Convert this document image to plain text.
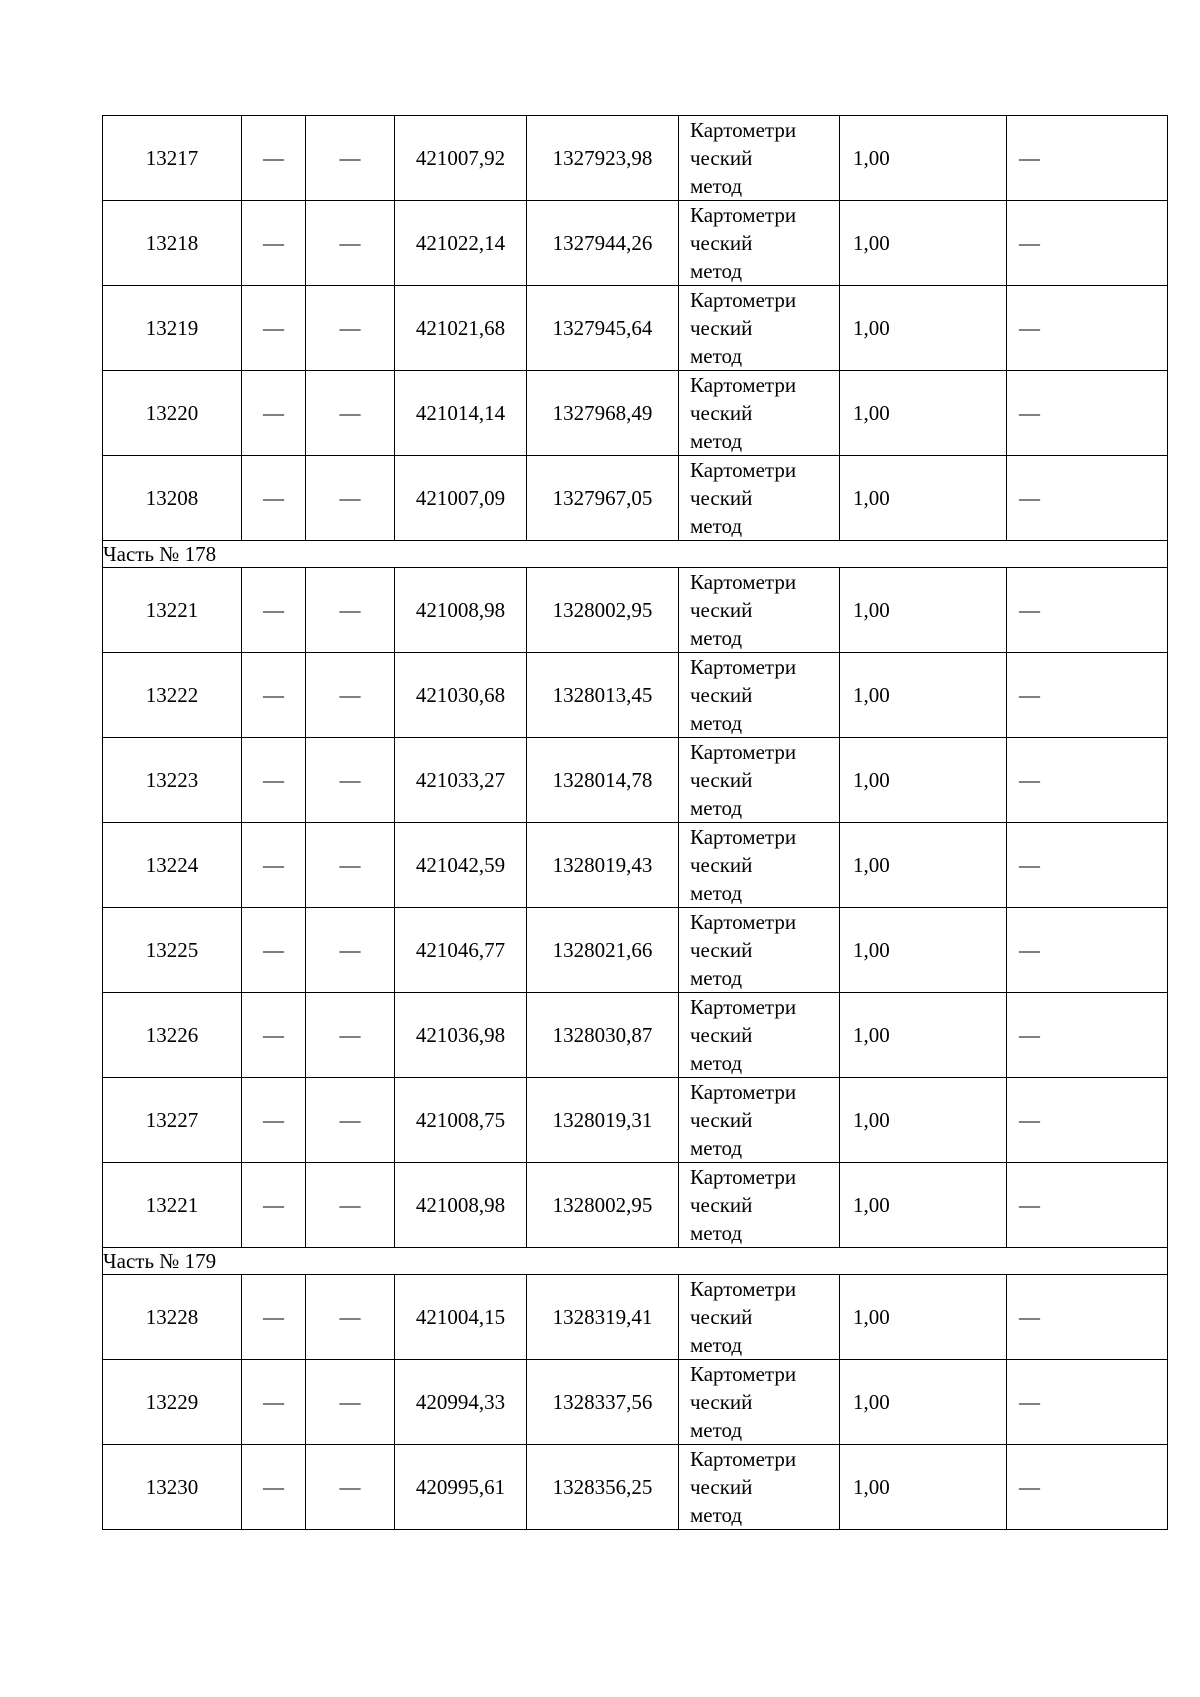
13217	—	—	421007,92	1327923,98	Картометри
ческий
метод	1,00	—
13218	—	—	421022,14	1327944,26	Картометри
ческий
метод	1,00	—
13219	—	—	421021,68	1327945,64	Картометри
ческий
метод	1,00	—
13220	—	—	421014,14	1327968,49	Картометри
ческий
метод	1,00	—
13208	—	—	421007,09	1327967,05	Картометри
ческий
метод	1,00	—
Часть № 178							
13221	—	—	421008,98	1328002,95	Картометри
ческий
метод	1,00	—
13222	—	—	421030,68	1328013,45	Картометри
ческий
метод	1,00	—
13223	—	—	421033,27	1328014,78	Картометри
ческий
метод	1,00	—
13224	—	—	421042,59	1328019,43	Картометри
ческий
метод	1,00	—
13225	—	—	421046,77	1328021,66	Картометри
ческий
метод	1,00	—
13226	—	—	421036,98	1328030,87	Картометри
ческий
метод	1,00	—
13227	—	—	421008,75	1328019,31	Картометри
ческий
метод	1,00	—
13221	—	—	421008,98	1328002,95	Картометри
ческий
метод	1,00	—
Часть № 179							
13228	—	—	421004,15	1328319,41	Картометри
ческий
метод	1,00	—
13229	—	—	420994,33	1328337,56	Картометри
ческий
метод	1,00	—
13230	—	—	420995,61	1328356,25	Картометри
ческий
метод	1,00	—
